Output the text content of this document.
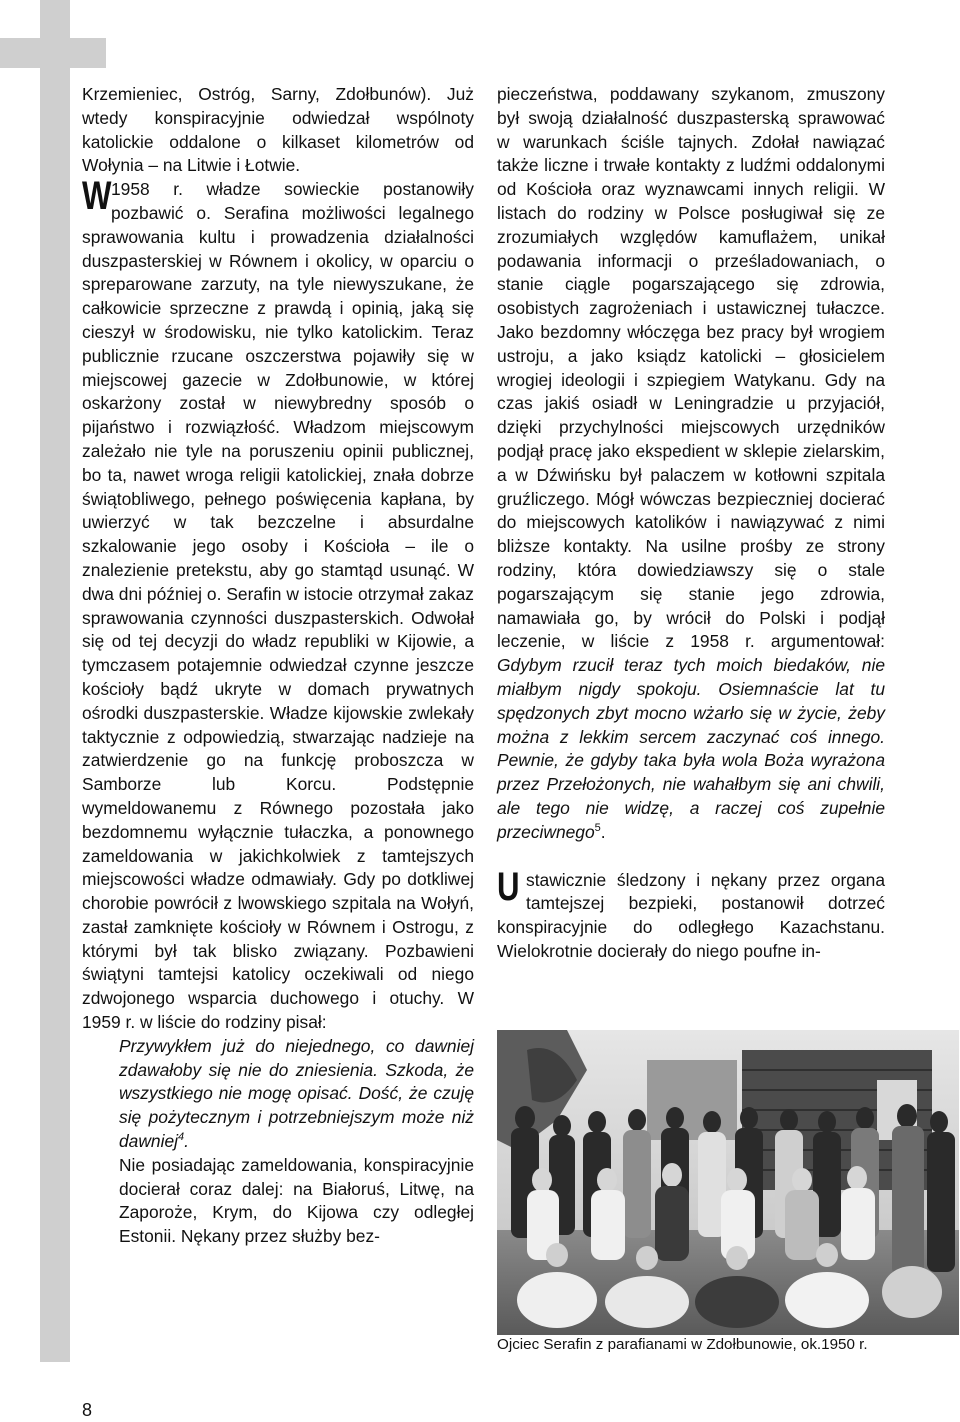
Krzemieniec, Ostróg, Sarny, Zdołbunów). Już wtedy konspiracyjnie odwiedzał wspólnoty katolickie oddalone o kilkaset kilometrów od Wołynia – na Litwie i Łotwie.

W 1958 r. władze sowieckie postanowiły pozbawić o. Serafina możliwości legalnego sprawowania kultu i prowadzenia działalności duszpasterskiej w Równem i okolicy, w oparciu o spreparowane zarzuty, na tyle niewyszukane, że całkowicie sprzeczne z prawdą i opinią, jaką się cieszył w środowisku, nie tylko katolickim. Teraz publicznie rzucane oszczerstwa pojawiły się w miejscowej gazecie w Zdołbunowie, w której oskarżony został w niewybredny sposób o pijaństwo i rozwiązłość. Władzom miejscowym zależało nie tyle na poruszeniu opinii publicznej, bo ta, nawet wroga religii katolickiej, znała dobrze świątobliwego, pełnego poświęcenia kapłana, by uwierzyć w tak bezczelne i absurdalne szkalowanie jego osoby i Kościoła – ile o znalezienie pretekstu, aby go stamtąd usunąć. W dwa dni później o. Serafin w istocie otrzymał zakaz sprawowania czynności duszpasterskich. Odwołał się od tej decyzji do władz republiki w Kijowie, a tymczasem potajemnie odwiedzał czynne jeszcze kościoły bądź ukryte w domach prywatnych ośrodki duszpasterskie. Władze kijowskie zwlekały taktycznie z odpowiedzią, stwarzając nadzieje na zatwierdzenie go na funkcję proboszcza w Samborze lub Korcu. Podstępnie wymeldowanemu z Równego pozostała jako bezdomnemu wyłącznie tułaczka, a ponownego zameldowania w jakichkolwiek z tamtejszych miejscowości władze odmawiały. Gdy po dotkliwej chorobie powrócił z lwowskiego szpitala na Wołyń, zastał zamknięte kościoły w Równem i Ostrogu, z którymi był tak blisko związany. Pozbawieni świątyni tamtejsi katolicy oczekiwali od niego zdwojonego wsparcia duchowego i otuchy. W 1959 r. w liście do rodziny pisał:

Przywykłem już do niejednego, co dawniej zdawałoby się nie do zniesienia. Szkoda, że wszystkiego nie mogę opisać. Dość, że czuję się pożytecznym i potrzebniejszym może niż dawniej$^4$.

Nie posiadając zameldowania, konspiracyjnie docierał coraz dalej: na Białoruś, Litwę, na Zaporoże, Krym, do Kijowa czy odległej Estonii. Nękany przez służby bez-

pieczeństwa, poddawany szykanom, zmuszony był swoją działalność duszpasterską sprawować w warunkach ściśle tajnych. Zdołał nawiązać także liczne i trwałe kontakty z ludźmi oddalonymi od Kościoła oraz wyznawcami innych religii. W listach do rodziny w Polsce posługiwał się ze zrozumiałych względów kamuflażem, unikał podawania informacji o prześladowaniach, o stanie ciągle pogarszającego się zdrowia, osobistych zagrożeniach i ustawicznej tułaczce. Jako bezdomny włóczęga bez pracy był wrogiem ustroju, a jako ksiądz katolicki – głosicielem wrogiej ideologii i szpiegiem Watykanu. Gdy na czas jakiś osiadł w Leningradzie u przyjaciół, dzięki przychylności miejscowych urzędników podjął pracę jako ekspedient w sklepie zielarskim, a w Dźwińsku był palaczem w kotłowni szpitala gruźliczego. Mógł wówczas bezpieczniej docierać do miejscowych katolików i nawiązywać z nimi bliższe kontakty. Na usilne prośby ze strony rodziny, która dowiedziawszy się o stale pogarszającym się stanie jego zdrowia, namawiała go, by wrócił do Polski i podjął leczenie, w liście z 1958 r. argumentował: Gdybym rzucił teraz tych moich biedaków, nie miałbym nigdy spokoju. Osiemnaście lat tu spędzonych zbyt mocno wżarło się w życie, żeby można z lekkim sercem zaczynać coś innego. Pewnie, że gdyby taka była wola Boża wyrażona przez Przełożonych, nie wahałbym się ani chwili, ale tego nie widzę, a raczej coś zupełnie przeciwnego$^5$.

Ustawicznie śledzony i nękany przez organa tamtejszej bezpieki, postanowił dotrzeć konspiracyjnie do odległego Kazachstanu. Wielokrotnie docierały do niego poufne in-

Ojciec Serafin z parafianami w Zdołbunowie, ok.1950 r.
8
